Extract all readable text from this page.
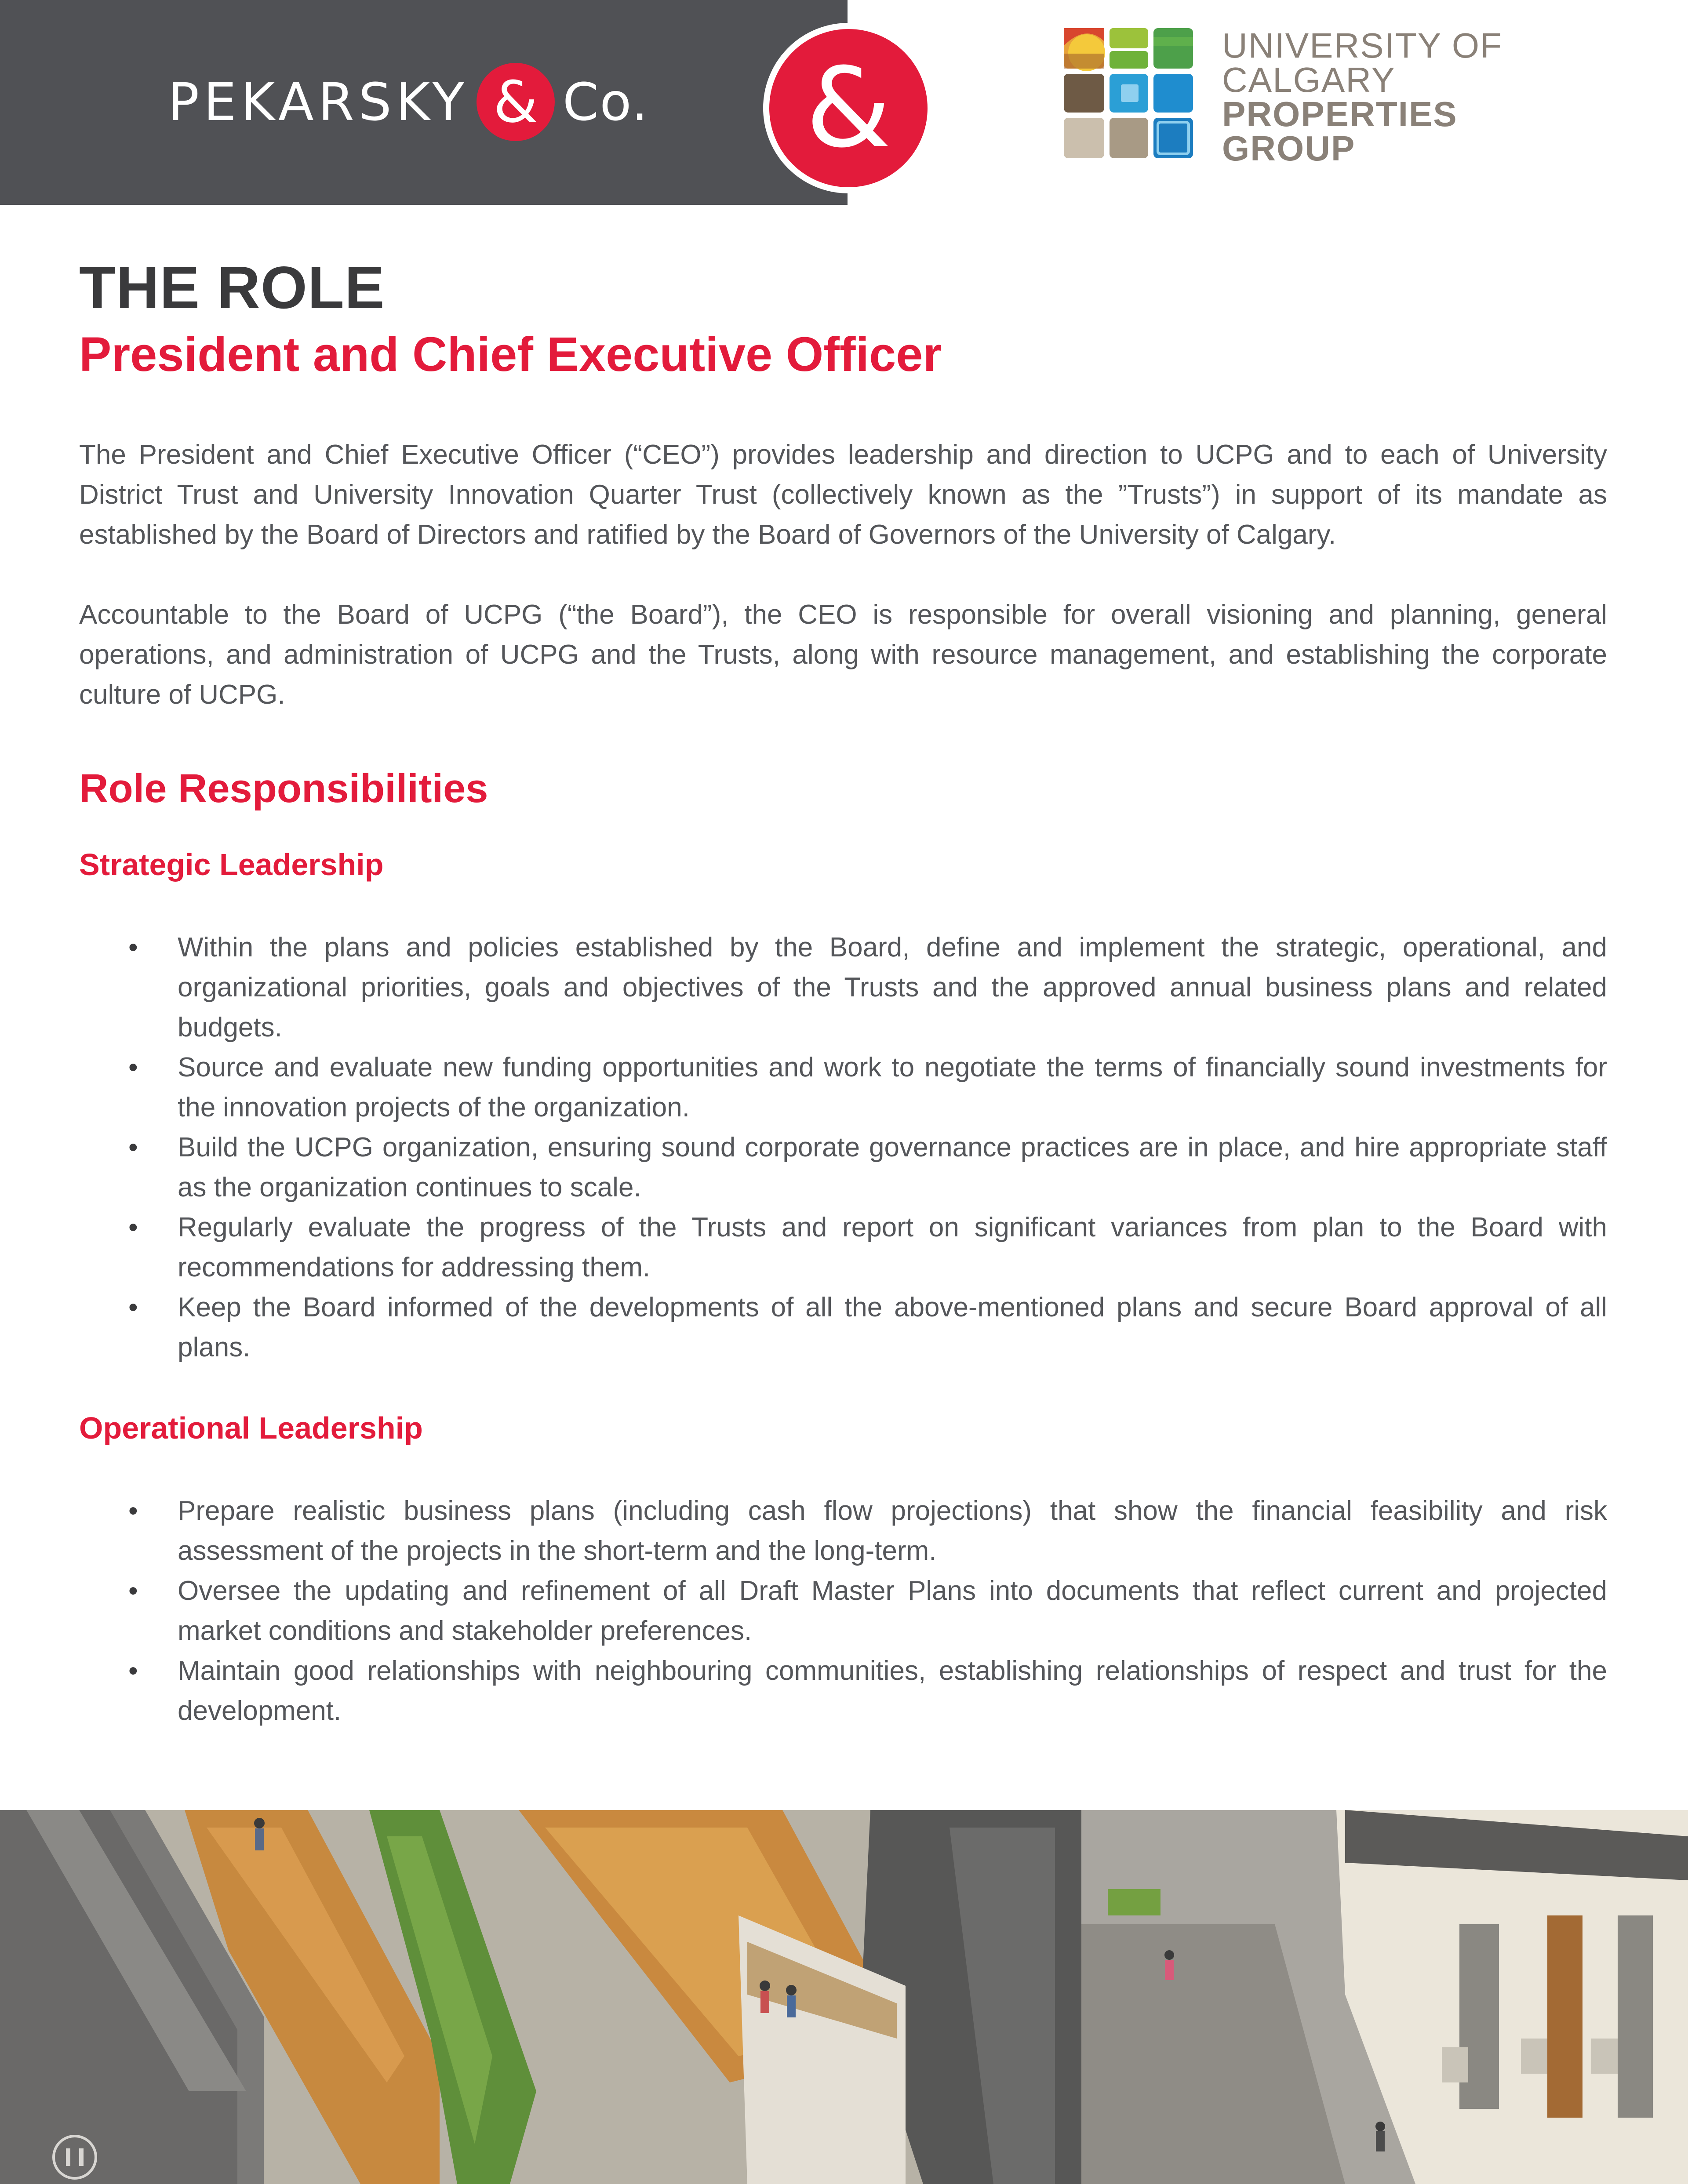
PEKARSKY & Co.	&	UNIVERSITY OF
CALGARY
PROPERTIES
GROUP
THE ROLE
President and Chief Executive Officer

The President and Chief Executive Officer (“CEO”) provides leadership and direction to UCPG and to each of University District Trust and University Innovation Quarter Trust (collectively known as the ”Trusts”) in support of its mandate as established by the Board of Directors and ratified by the Board of Governors of the University of Calgary.

Accountable to the Board of UCPG (“the Board”), the CEO is responsible for overall visioning and planning, general operations, and administration of UCPG and the Trusts, along with resource management, and establishing the corporate culture of UCPG.

Role Responsibilities
Strategic Leadership
• Within the plans and policies established by the Board, define and implement the strategic, operational, and organizational priorities, goals and objectives of the Trusts and the approved annual business plans and related budgets.
• Source and evaluate new funding opportunities and work to negotiate the terms of financially sound investments for the innovation projects of the organization.
• Build the UCPG organization, ensuring sound corporate governance practices are in place, and hire appropriate staff as the organization continues to scale.
• Regularly evaluate the progress of the Trusts and report on significant variances from plan to the Board with recommendations for addressing them.
• Keep the Board informed of the developments of all the above-mentioned plans and secure Board approval of all plans.
Operational Leadership
• Prepare realistic business plans (including cash flow projections) that show the financial feasibility and risk assessment of the projects in the short-term and the long-term.
• Oversee the updating and refinement of all Draft Master Plans into documents that reflect current and projected market conditions and stakeholder preferences.
• Maintain good relationships with neighbouring communities, establishing relationships of respect and trust for the development.
